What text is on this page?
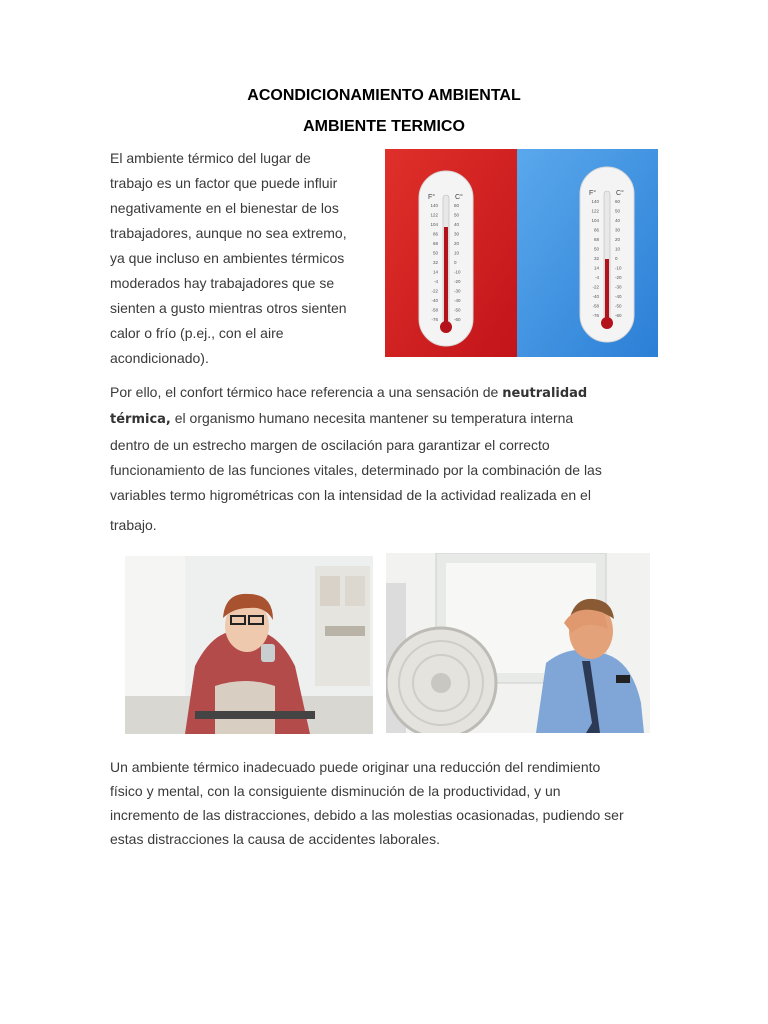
ACONDICIONAMIENTO AMBIENTAL
AMBIENTE TERMICO
El ambiente térmico del lugar de
trabajo es un factor que puede influir
negativamente en el bienestar de los
trabajadores, aunque no sea extremo,
ya que incluso en ambientes térmicos
moderados hay trabajadores que se
sienten a gusto mientras otros sienten
calor o frío (p.ej., con el aire
acondicionado).
F°	C°
140
122
104
86
68
50
32
14
-4
-22
-40
-58
-76
60
50
40
30
20
10
0
-10
-20
-30
-40
-50
-60
F°	C°
140
122
104
86
68
50
32
14
-4
-22
-40
-58
-76
60
50
40
30
20
10
0
-10
-20
-30
-40
-50
-60
Por ello, el confort térmico hace referencia a una sensación de neutralidad
térmica, el organismo humano necesita mantener su temperatura interna
dentro de un estrecho margen de oscilación para garantizar el correcto
funcionamiento de las funciones vitales, determinado por la combinación de las
variables termo higrométricas con la intensidad de la actividad realizada en el
trabajo.
Un ambiente térmico inadecuado puede originar una reducción del rendimiento
físico y mental, con la consiguiente disminución de la productividad, y un
incremento de las distracciones, debido a las molestias ocasionadas, pudiendo ser
estas distracciones la causa de accidentes laborales.
